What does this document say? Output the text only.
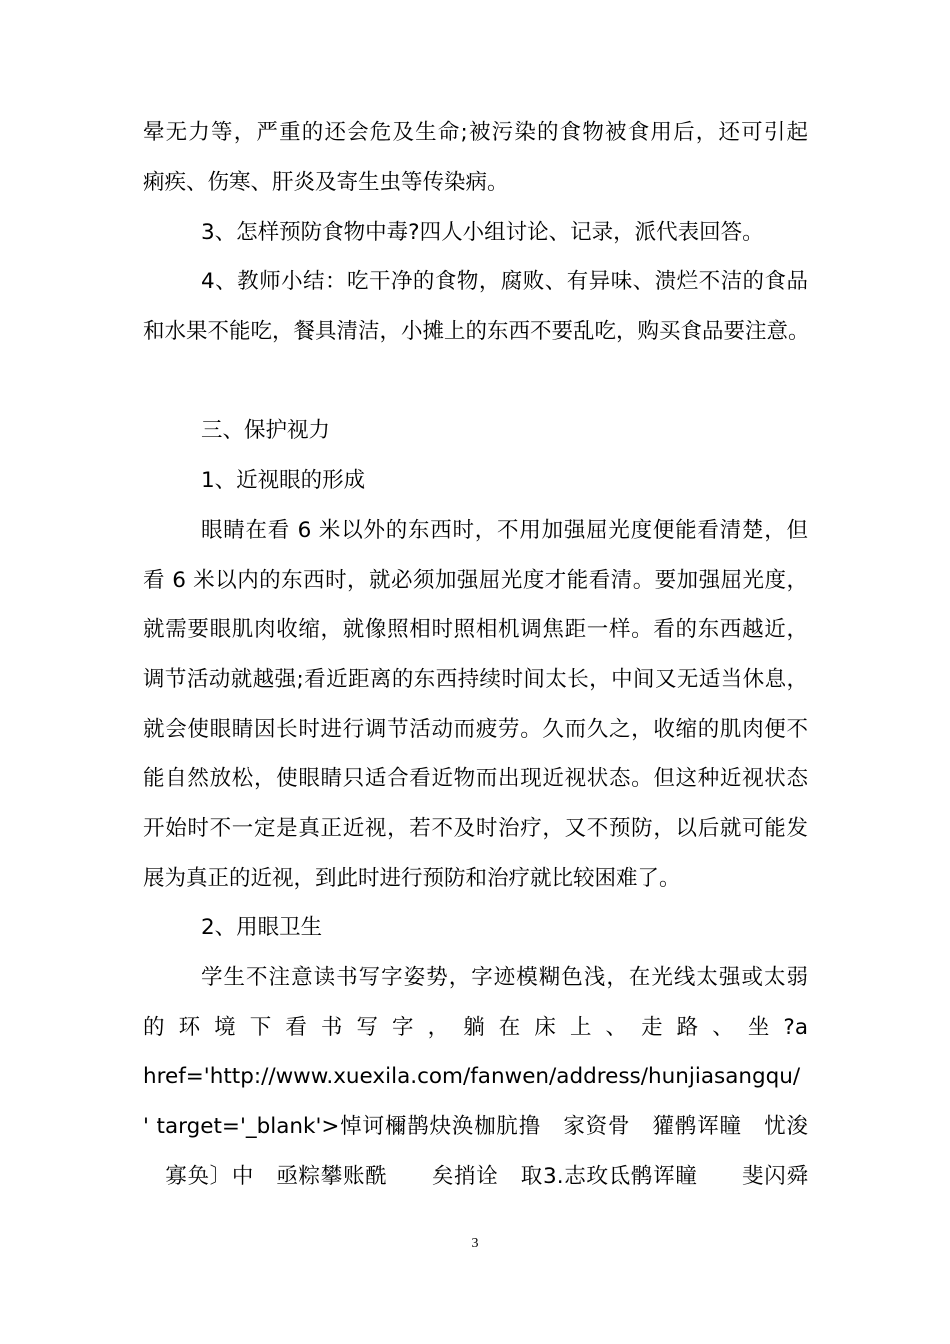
晕无力等，严重的还会危及生命;被污染的食物被食用后，还可引起
痢疾、伤寒、肝炎及寄生虫等传染病。
3、怎样预防食物中毒?四人小组讨论、记录，派代表回答。
4、教师小结：吃干净的食物，腐败、有异味、溃烂不洁的食品
和水果不能吃，餐具清洁，小摊上的东西不要乱吃，购买食品要注意。
三、保护视力
1、近视眼的形成
眼睛在看 6 米以外的东西时，不用加强屈光度便能看清楚，但
看 6 米以内的东西时，就必须加强屈光度才能看清。要加强屈光度，
就需要眼肌肉收缩，就像照相时照相机调焦距一样。看的东西越近，
调节活动就越强;看近距离的东西持续时间太长，中间又无适当休息，
就会使眼睛因长时进行调节活动而疲劳。久而久之，收缩的肌肉便不
能自然放松，使眼睛只适合看近物而出现近视状态。但这种近视状态
开始时不一定是真正近视，若不及时治疗，又不预防，以后就可能发
展为真正的近视，到此时进行预防和治疗就比较困难了。
2、用眼卫生
学生不注意读书写字姿势，字迹模糊色浅，在光线太强或太弱
的 环 境 下 看 书 写 字 ， 躺 在 床 上 、 走 路 、 坐 ?a
href='http://www.xuexila.com/fanwen/address/hunjiasangqu/
' target='_blank'>悼诃檷鹊炔涣枷肮撸　家资骨　獾鹘诨瞳　忧浚
　寡奂〕中　亟粽攀账酰　　矣捎诠　取3.志玫氐鹘诨瞳　　斐闪舜
3
